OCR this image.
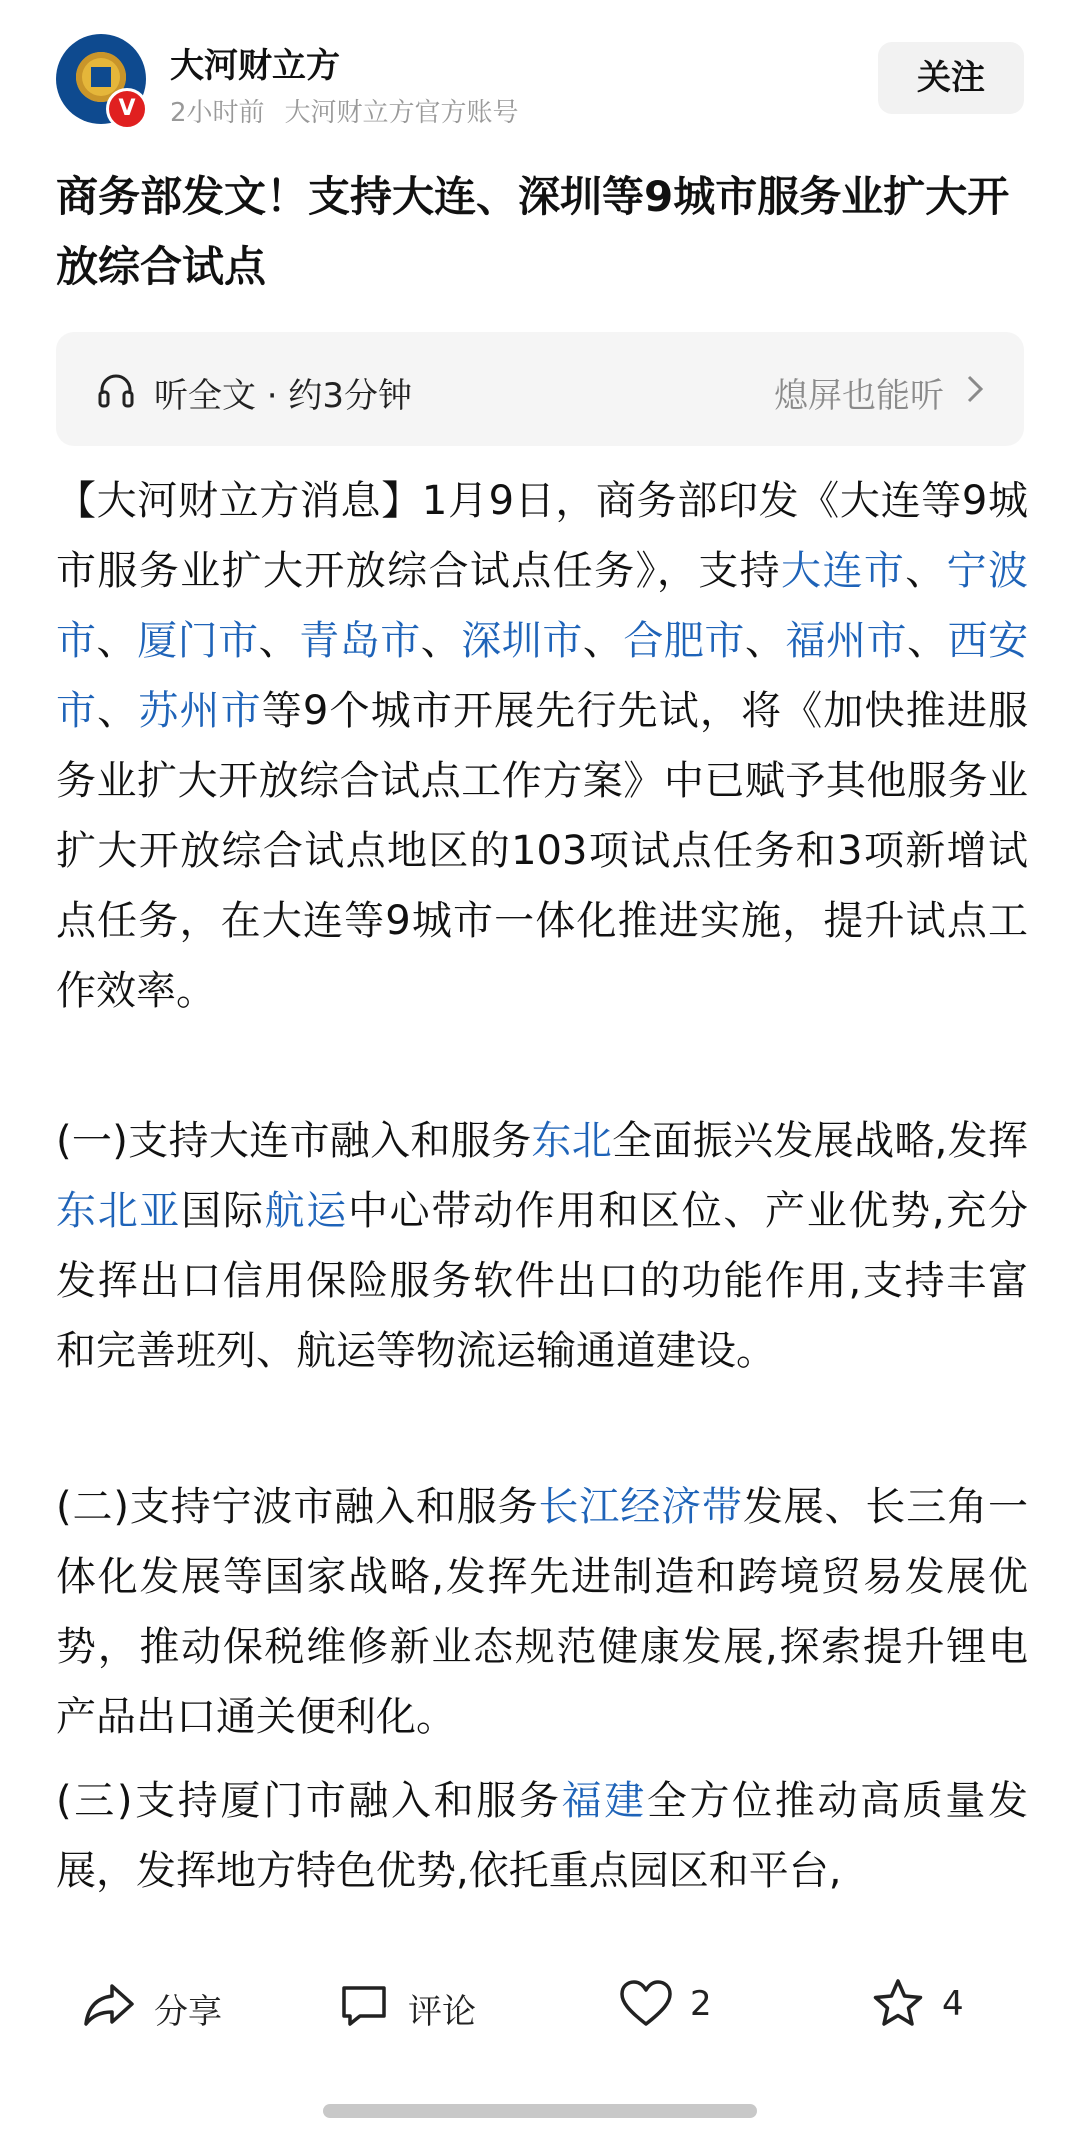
V
大河财立方
2小时前 大河财立方官方账号
关注
商务部发文！支持大连、深圳等9城市服务业扩大开放综合试点
听全文 · 约3分钟	熄屏也能听
【大河财立方消息】1月9日，商务部印发《大连等9城市服务业扩大开放综合试点任务》，支持大连市、宁波市、厦门市、青岛市、深圳市、合肥市、福州市、西安市、苏州市等9个城市开展先行先试，将《加快推进服务业扩大开放综合试点工作方案》中已赋予其他服务业扩大开放综合试点地区的103项试点任务和3项新增试点任务，在大连等9城市一体化推进实施，提升试点工作效率。
(一)支持大连市融入和服务东北全面振兴发展战略,发挥东北亚国际航运中心带动作用和区位、产业优势,充分发挥出口信用保险服务软件出口的功能作用,支持丰富和完善班列、航运等物流运输通道建设。
(二)支持宁波市融入和服务长江经济带发展、长三角一体化发展等国家战略,发挥先进制造和跨境贸易发展优势，推动保税维修新业态规范健康发展,探索提升锂电产品出口通关便利化。
(三)支持厦门市融入和服务福建全方位推动高质量发展，发挥地方特色优势,依托重点园区和平台,
分享	评论	2	4
